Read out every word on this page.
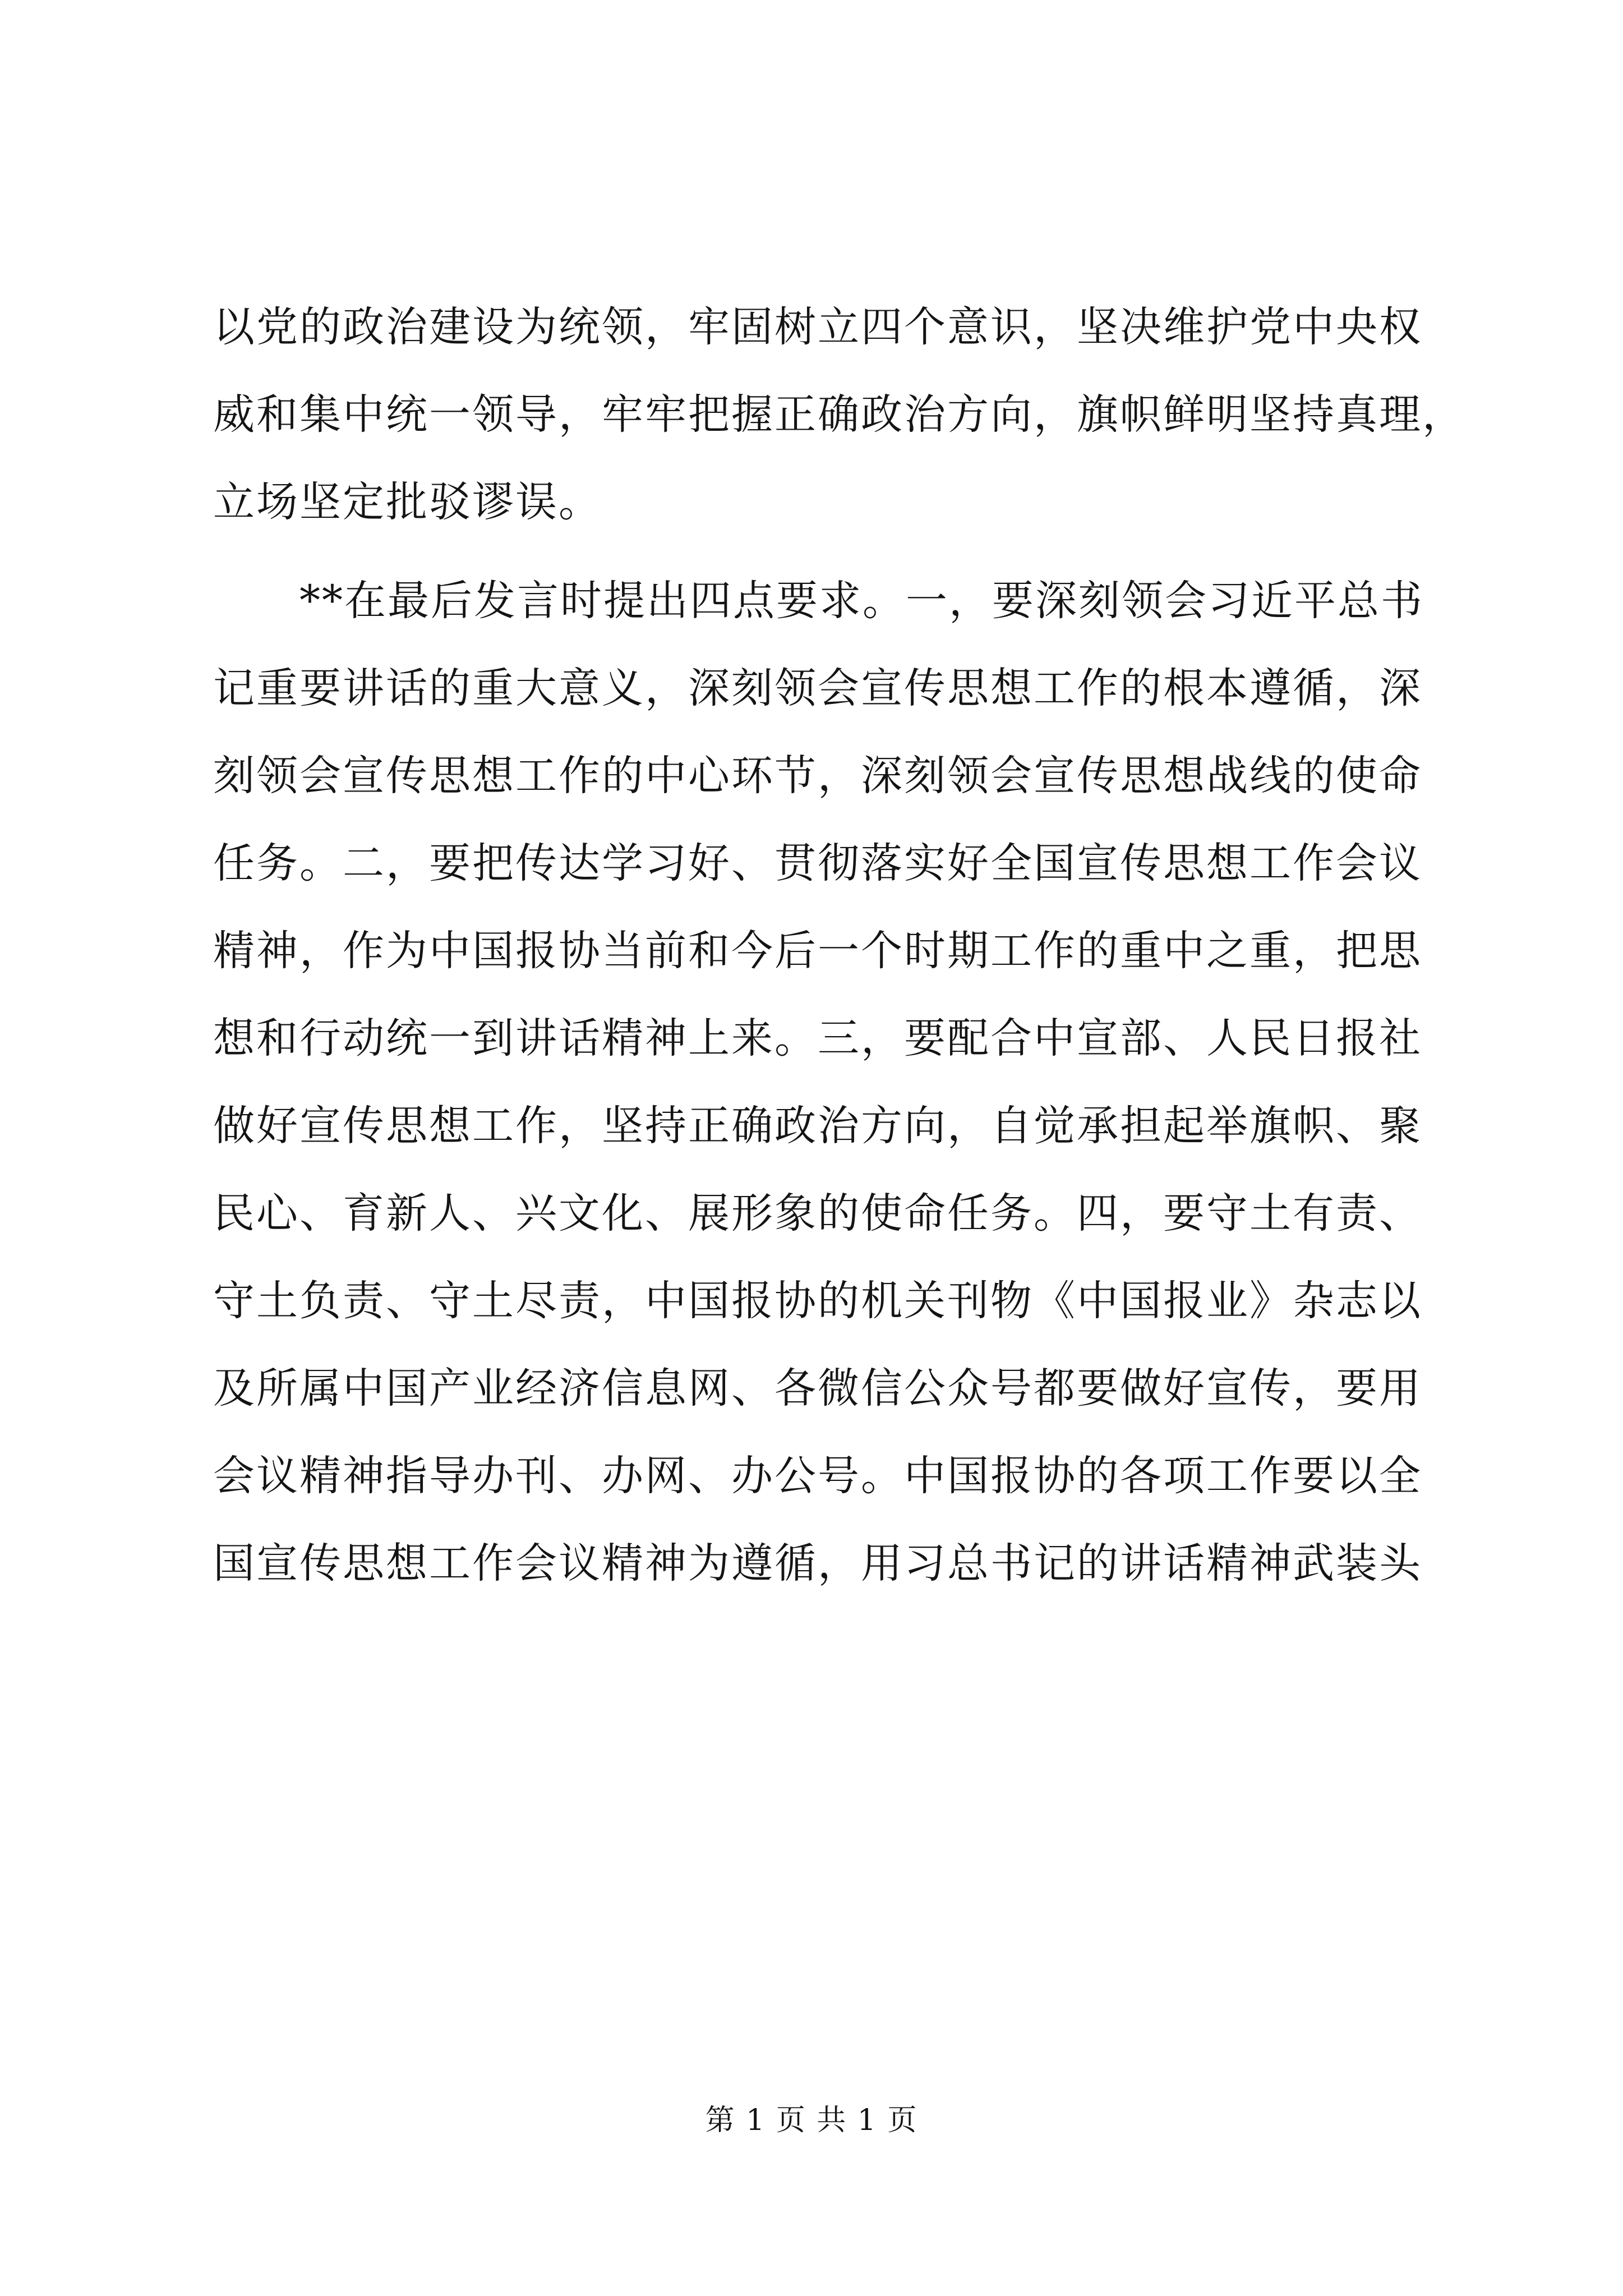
以党的政治建设为统领，牢固树立四个意识，坚决维护党中央权
威和集中统一领导，牢牢把握正确政治方向，旗帜鲜明坚持真理，
立场坚定批驳谬误。
　　**在最后发言时提出四点要求。一，要深刻领会习近平总书
记重要讲话的重大意义，深刻领会宣传思想工作的根本遵循，深
刻领会宣传思想工作的中心环节，深刻领会宣传思想战线的使命
任务。二，要把传达学习好、贯彻落实好全国宣传思想工作会议
精神，作为中国报协当前和今后一个时期工作的重中之重，把思
想和行动统一到讲话精神上来。三，要配合中宣部、人民日报社
做好宣传思想工作，坚持正确政治方向，自觉承担起举旗帜、聚
民心、育新人、兴文化、展形象的使命任务。四，要守土有责、
守土负责、守土尽责，中国报协的机关刊物《中国报业》杂志以
及所属中国产业经济信息网、各微信公众号都要做好宣传，要用
会议精神指导办刊、办网、办公号。中国报协的各项工作要以全
国宣传思想工作会议精神为遵循，用习总书记的讲话精神武装头
第 1 页 共 1 页
